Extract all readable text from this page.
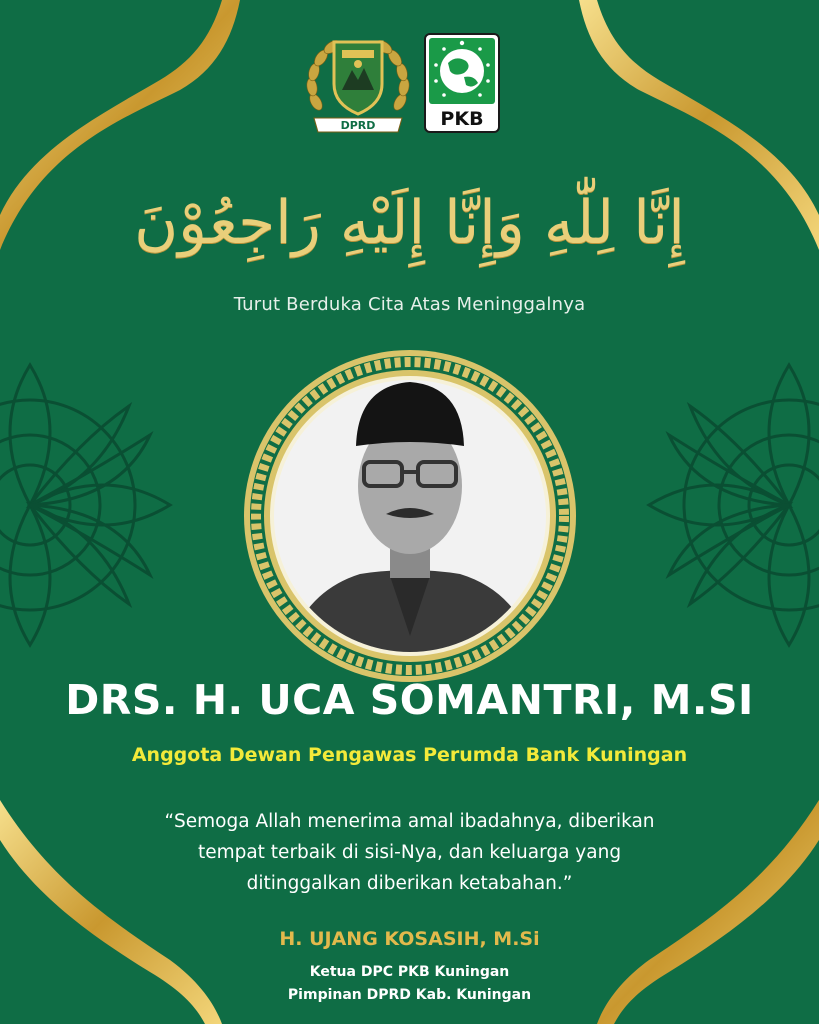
DPRD	PKB
إِنَّا لِلّٰهِ وَإِنَّا إِلَيْهِ رَاجِعُوْنَ
Turut Berduka Cita Atas Meninggalnya
DRS. H. UCA SOMANTRI, M.SI
Anggota Dewan Pengawas Perumda Bank Kuningan
“Semoga Allah menerima amal ibadahnya, diberikan
tempat terbaik di sisi-Nya, dan keluarga yang
ditinggalkan diberikan ketabahan.”
H. UJANG KOSASIH, M.Si
Ketua DPC PKB Kuningan
Pimpinan DPRD Kab. Kuningan
